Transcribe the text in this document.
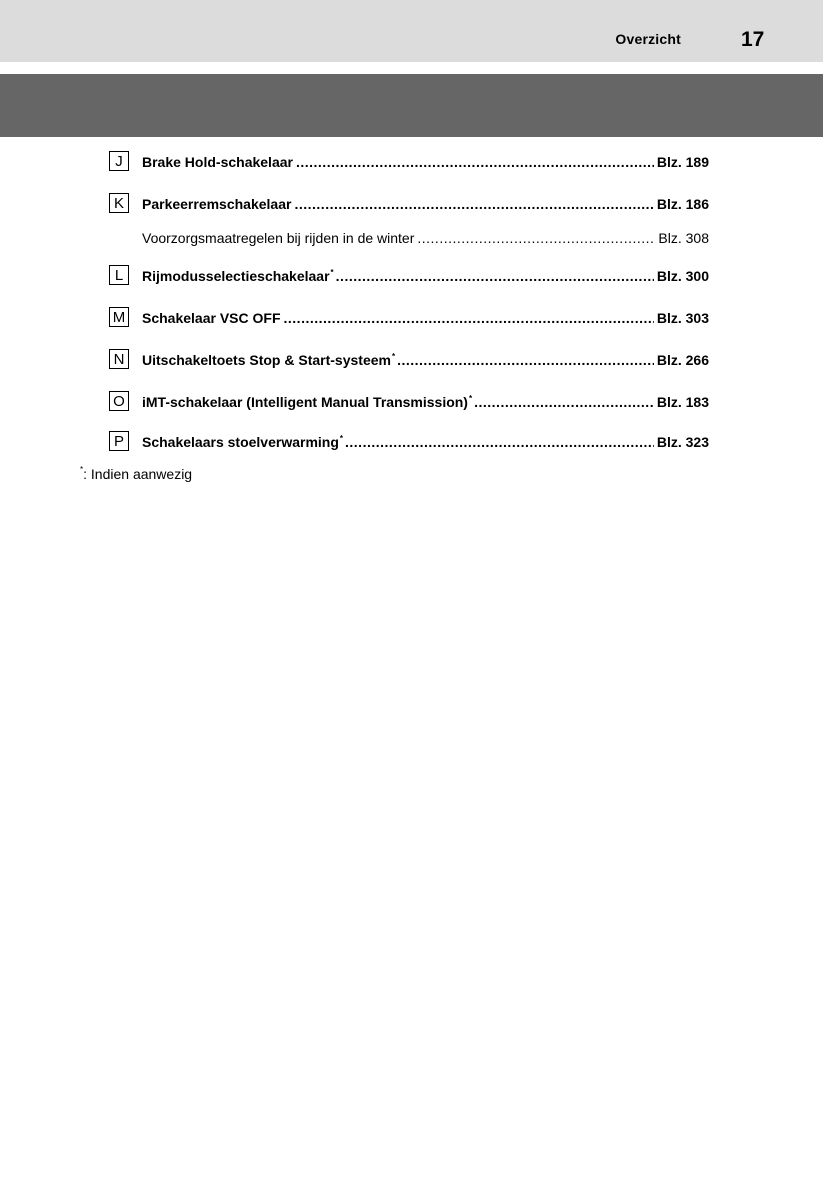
Overzicht	17
J	Brake Hold-schakelaar .....	Blz. 189
K	Parkeerremschakelaar .....	Blz. 186
Voorzorgsmaatregelen bij rijden in de winter .....	Blz. 308
L	Rijmodusselectieschakelaar* .....	Blz. 300
M Schakelaar VSC OFF .....	Blz. 303
N	Uitschakeltoets Stop & Start-systeem* .....	Blz. 266
O iMT-schakelaar (Intelligent Manual Transmission)* .....	Blz. 183
P	Schakelaars stoelverwarming* .....	Blz. 323
*: Indien aanwezig
